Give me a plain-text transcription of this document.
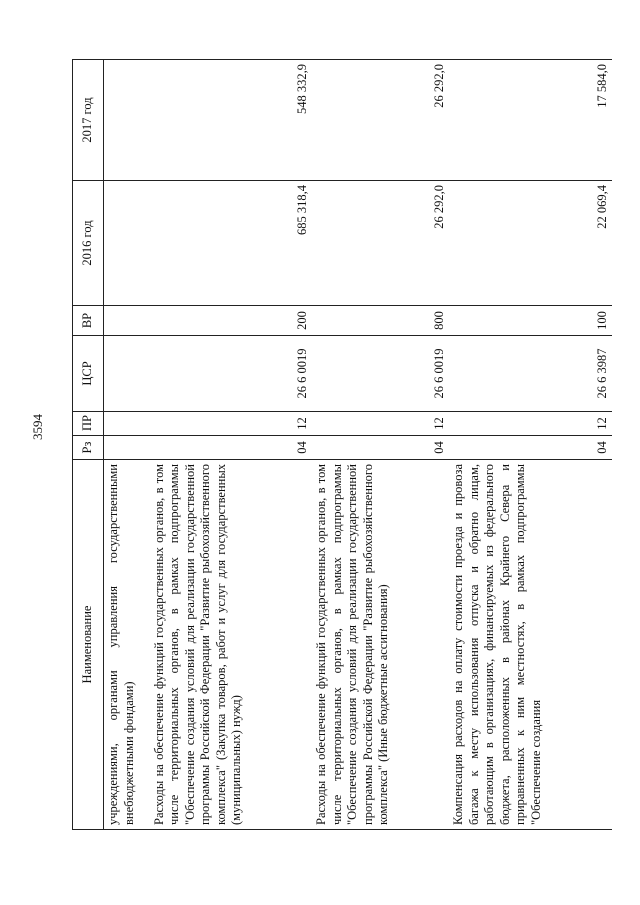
3594
Наименование	Рз	ПР	ЦСР	ВР	2016 год	2017 год
учреждениями, органами управления государственными внебюджетными фондами)						
Расходы на обеспечение функций государственных органов, в том числе территориальных органов, в рамках подпрограммы "Обеспечение создания условий для реализации государственной программы Российской Федерации "Развитие рыбохозяйственного комплекса" (Закупка товаров, работ и услуг для государственных (муниципальных) нужд)	04	12	26 6 0019	200	685 318,4	548 332,9
Расходы на обеспечение функций государственных органов, в том числе территориальных органов, в рамках подпрограммы "Обеспечение создания условий для реализации государственной программы Российской Федерации "Развитие рыбохозяйственного комплекса" (Иные бюджетные ассигнования)	04	12	26 6 0019	800	26 292,0	26 292,0
Компенсация расходов на оплату стоимости проезда и провоза багажа к месту использования отпуска и обратно лицам, работающим в организациях, финансируемых из федерального бюджета, расположенных в районах Крайнего Севера и приравненных к ним местностях, в рамках подпрограммы "Обеспечение создания	04	12	26 6 3987	100	22 069,4	17 584,0
